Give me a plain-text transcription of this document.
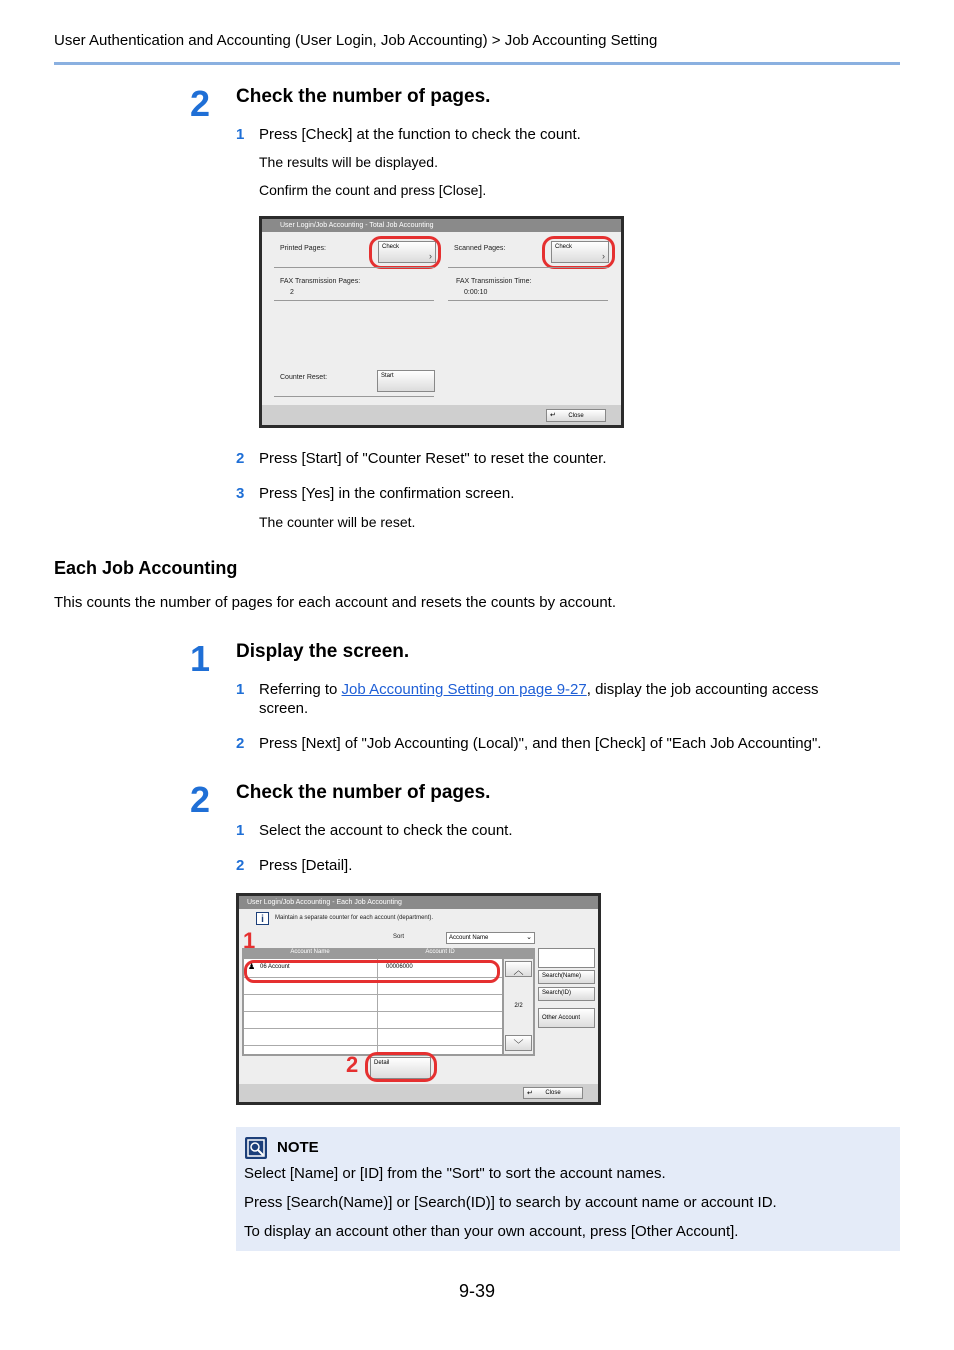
User Authentication and Accounting (User Login, Job Accounting) > Job Accounting Setting
2 Check the number of pages.
1 Press [Check] at the function to check the count.
The results will be displayed.
Confirm the count and press [Close].
User Login/Job Accounting - Total Job Accounting
Printed Pages:	Check
›
Scanned Pages:	Check
›
FAX Transmission Pages:
2
FAX Transmission Time:
0:00:10
Counter Reset:	Start
↵ Close
2 Press [Start] of "Counter Reset" to reset the counter.
3 Press [Yes] in the confirmation screen.
The counter will be reset.
Each Job Accounting
This counts the number of pages for each account and resets the counts by account.
1 Display the screen.
1 Referring to Job Accounting Setting on page 9-27, display the job accounting access
screen.
2 Press [Next] of "Job Accounting (Local)", and then [Check] of "Each Job Accounting".
2 Check the number of pages.
1 Select the account to check the count.
2 Press [Detail].
User Login/Job Accounting - Each Job Accounting
i	Maintain a separate counter for each account (department).
Sort	Account Name	⌄
Account Name	Account ID
♟ 06 Account	00006000	︿
2/2
﹀
Search(Name)
Search(ID)
Other Account
Detail
↵ Close
1
2
NOTE
Select [Name] or [ID] from the "Sort" to sort the account names.
Press [Search(Name)] or [Search(ID)] to search by account name or account ID.
To display an account other than your own account, press [Other Account].
9-39
